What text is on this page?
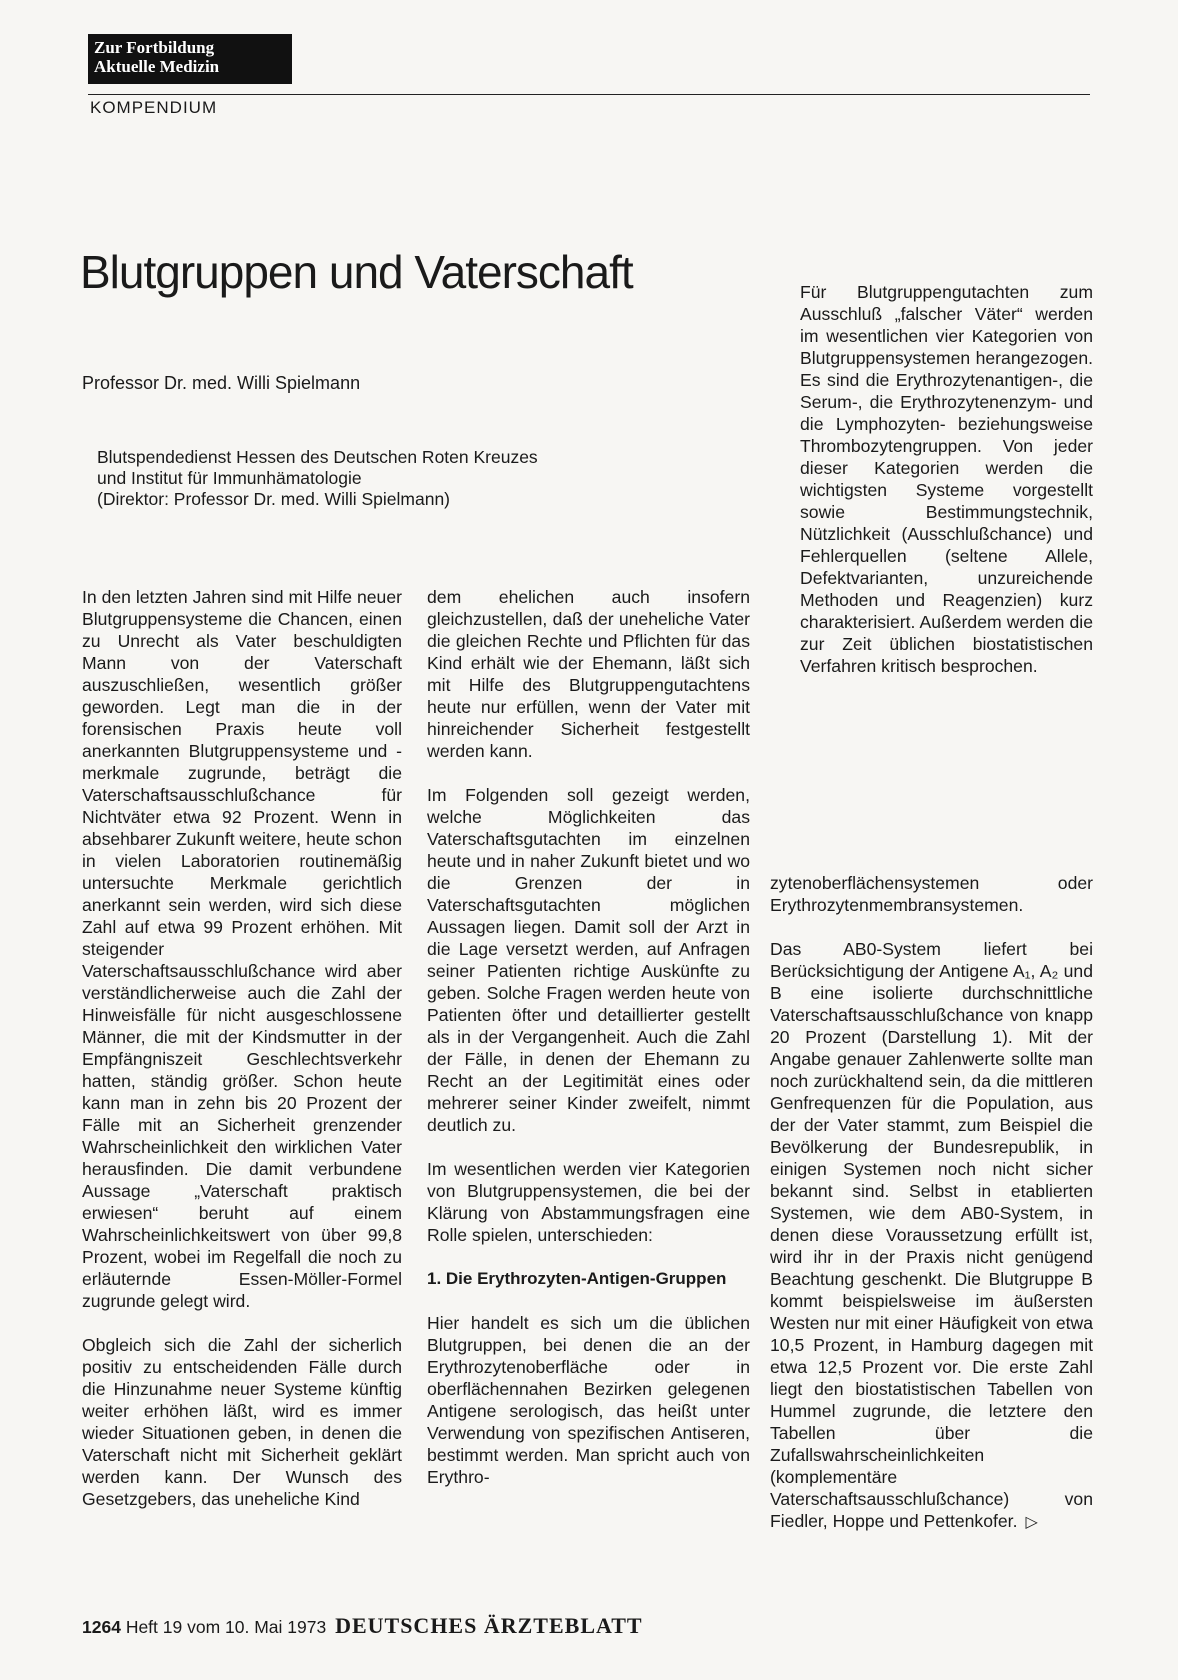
Zur Fortbildung
Aktuelle Medizin
KOMPENDIUM
Blutgruppen und Vaterschaft
Professor Dr. med. Willi Spielmann
Blutspendedienst Hessen des Deutschen Roten Kreuzes
und Institut für Immunhämatologie
(Direktor: Professor Dr. med. Willi Spielmann)

Für Blutgruppengutachten zum Ausschluß „falscher Väter“ werden im wesentlichen vier Kategorien von Blutgruppensystemen herangezogen. Es sind die Erythrozytenantigen-, die Serum-, die Erythrozytenenzym- und die Lymphozyten- beziehungsweise Thrombozytengruppen. Von jeder dieser Kategorien werden die wichtigsten Systeme vorgestellt sowie Bestimmungstechnik, Nützlichkeit (Ausschlußchance) und Fehlerquellen (seltene Allele, Defektvarianten, unzureichende Methoden und Reagenzien) kurz charakterisiert. Außerdem werden die zur Zeit üblichen biostatistischen Verfahren kritisch besprochen.

In den letzten Jahren sind mit Hilfe neuer Blutgruppensysteme die Chancen, einen zu Unrecht als Vater beschuldigten Mann von der Vaterschaft auszuschließen, wesentlich größer geworden. Legt man die in der forensischen Praxis heute voll anerkannten Blutgruppensysteme und -merkmale zugrunde, beträgt die Vaterschaftsausschlußchance für Nichtväter etwa 92 Prozent. Wenn in absehbarer Zukunft weitere, heute schon in vielen Laboratorien routinemäßig untersuchte Merkmale gerichtlich anerkannt sein werden, wird sich diese Zahl auf etwa 99 Prozent erhöhen. Mit steigender Vaterschaftsausschlußchance wird aber verständlicherweise auch die Zahl der Hinweisfälle für nicht ausgeschlossene Männer, die mit der Kindsmutter in der Empfängniszeit Geschlechtsverkehr hatten, ständig größer. Schon heute kann man in zehn bis 20 Prozent der Fälle mit an Sicherheit grenzender Wahrscheinlichkeit den wirklichen Vater herausfinden. Die damit verbundene Aussage „Vaterschaft praktisch erwiesen“ beruht auf einem Wahrscheinlichkeitswert von über 99,8 Prozent, wobei im Regelfall die noch zu erläuternde Essen-Möller-Formel zugrunde gelegt wird.

Obgleich sich die Zahl der sicherlich positiv zu entscheidenden Fälle durch die Hinzunahme neuer Systeme künftig weiter erhöhen läßt, wird es immer wieder Situationen geben, in denen die Vaterschaft nicht mit Sicherheit geklärt werden kann. Der Wunsch des Gesetzgebers, das uneheliche Kind

dem ehelichen auch insofern gleichzustellen, daß der uneheliche Vater die gleichen Rechte und Pflichten für das Kind erhält wie der Ehemann, läßt sich mit Hilfe des Blutgruppengutachtens heute nur erfüllen, wenn der Vater mit hinreichender Sicherheit festgestellt werden kann.

Im Folgenden soll gezeigt werden, welche Möglichkeiten das Vaterschaftsgutachten im einzelnen heute und in naher Zukunft bietet und wo die Grenzen der in Vaterschaftsgutachten möglichen Aussagen liegen. Damit soll der Arzt in die Lage versetzt werden, auf Anfragen seiner Patienten richtige Auskünfte zu geben. Solche Fragen werden heute von Patienten öfter und detaillierter gestellt als in der Vergangenheit. Auch die Zahl der Fälle, in denen der Ehemann zu Recht an der Legitimität eines oder mehrerer seiner Kinder zweifelt, nimmt deutlich zu.

Im wesentlichen werden vier Kategorien von Blutgruppensystemen, die bei der Klärung von Abstammungsfragen eine Rolle spielen, unterschieden:

1. Die Erythrozyten-Antigen-Gruppen

Hier handelt es sich um die üblichen Blutgruppen, bei denen die an der Erythrozytenoberfläche oder in oberflächennahen Bezirken gelegenen Antigene serologisch, das heißt unter Verwendung von spezifischen Antiseren, bestimmt werden. Man spricht auch von Erythro-

zytenoberflächensystemen oder Erythrozytenmembransystemen.

Das AB0-System liefert bei Berücksichtigung der Antigene A₁, A₂ und B eine isolierte durchschnittliche Vaterschaftsausschlußchance von knapp 20 Prozent (Darstellung 1). Mit der Angabe genauer Zahlenwerte sollte man noch zurückhaltend sein, da die mittleren Genfrequenzen für die Population, aus der der Vater stammt, zum Beispiel die Bevölkerung der Bundesrepublik, in einigen Systemen noch nicht sicher bekannt sind. Selbst in etablierten Systemen, wie dem AB0-System, in denen diese Voraussetzung erfüllt ist, wird ihr in der Praxis nicht genügend Beachtung geschenkt. Die Blutgruppe B kommt beispielsweise im äußersten Westen nur mit einer Häufigkeit von etwa 10,5 Prozent, in Hamburg dagegen mit etwa 12,5 Prozent vor. Die erste Zahl liegt den biostatistischen Tabellen von Hummel zugrunde, die letztere den Tabellen über die Zufallswahrscheinlichkeiten (komplementäre Vaterschaftsausschlußchance) von Fiedler, Hoppe und Pettenkofer. ▷

1264 Heft 19 vom 10. Mai 1973 DEUTSCHES ÄRZTEBLATT
